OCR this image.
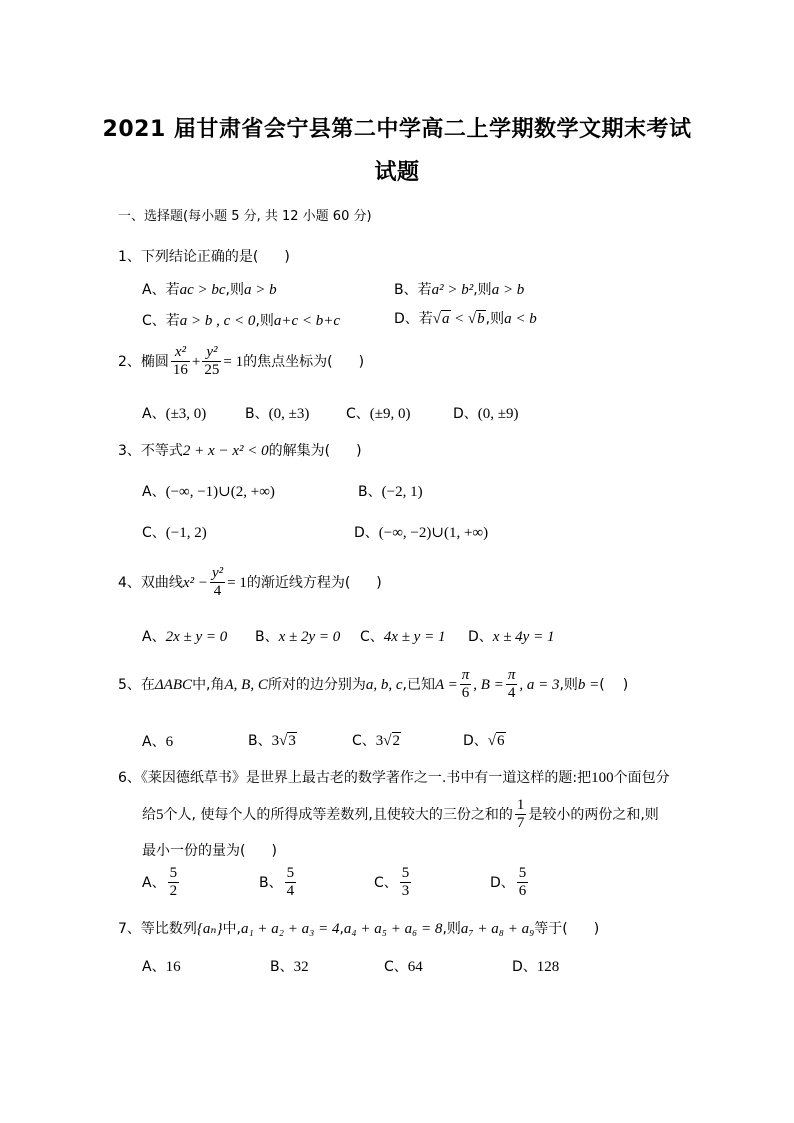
2021 届甘肃省会宁县第二中学高二上学期数学文期末考试
试题
一、选择题(每小题 5 分, 共 12 小题 60 分)
1、下列结论正确的是( )
A、若ac > bc,则a > b	B、若a² > b²,则a > b
C、若a > b , c < 0,则a+c < b+c	D、若√a < √b,则a < b
2、椭圆 $\frac{\text{x²}}{16} + \frac{\text{y²}}{25} = 1$的焦点坐标为( )
A、(±3, 0)	B、(0, ±3)	C、(±9, 0)	D、(0, ±9)
3、不等式2 + x − x² < 0的解集为( )
A、(−∞, −1)∪(2, +∞)	B、(−2, 1)
C、(−1, 2)	D、(−∞, −2)∪(1, +∞)
4、双曲线$x^2 - \frac{\text{y²}}{4} = 1$的渐近线方程为( )
A、2x ± y = 0 B、x ± 2y = 0 C、4x ± y = 1 D、x ± 4y = 1
5、在ΔABC中,角A, B, C所对的边分别为a, b, c,已知$A = \frac{\pi}{6}$ , $B = \frac{\pi}{4}$ , a = 3,则b =( )
A、6	B、3√3	C、3√2	D、√6
6、《莱因德纸草书》是世界上最古老的数学著作之一.书中有一道这样的题:把100个面包分
给5个人, 使每个人的所得成等差数列,且使较大的三份之和的 $\frac{1}{7}$ 是较小的两份之和,则
最小一份的量为( )
A、 $\frac{5}{2}$	B、 $\frac{5}{4}$	C、 $\frac{5}{3}$	D、 $\frac{5}{6}$
7、等比数列{aₙ}中,a₁ + a₂ + a₃ = 4,a₄ + a₅ + a₆ = 8,则a₇ + a₈ + a₉等于( )
A、16	B、32	C、64	D、128
